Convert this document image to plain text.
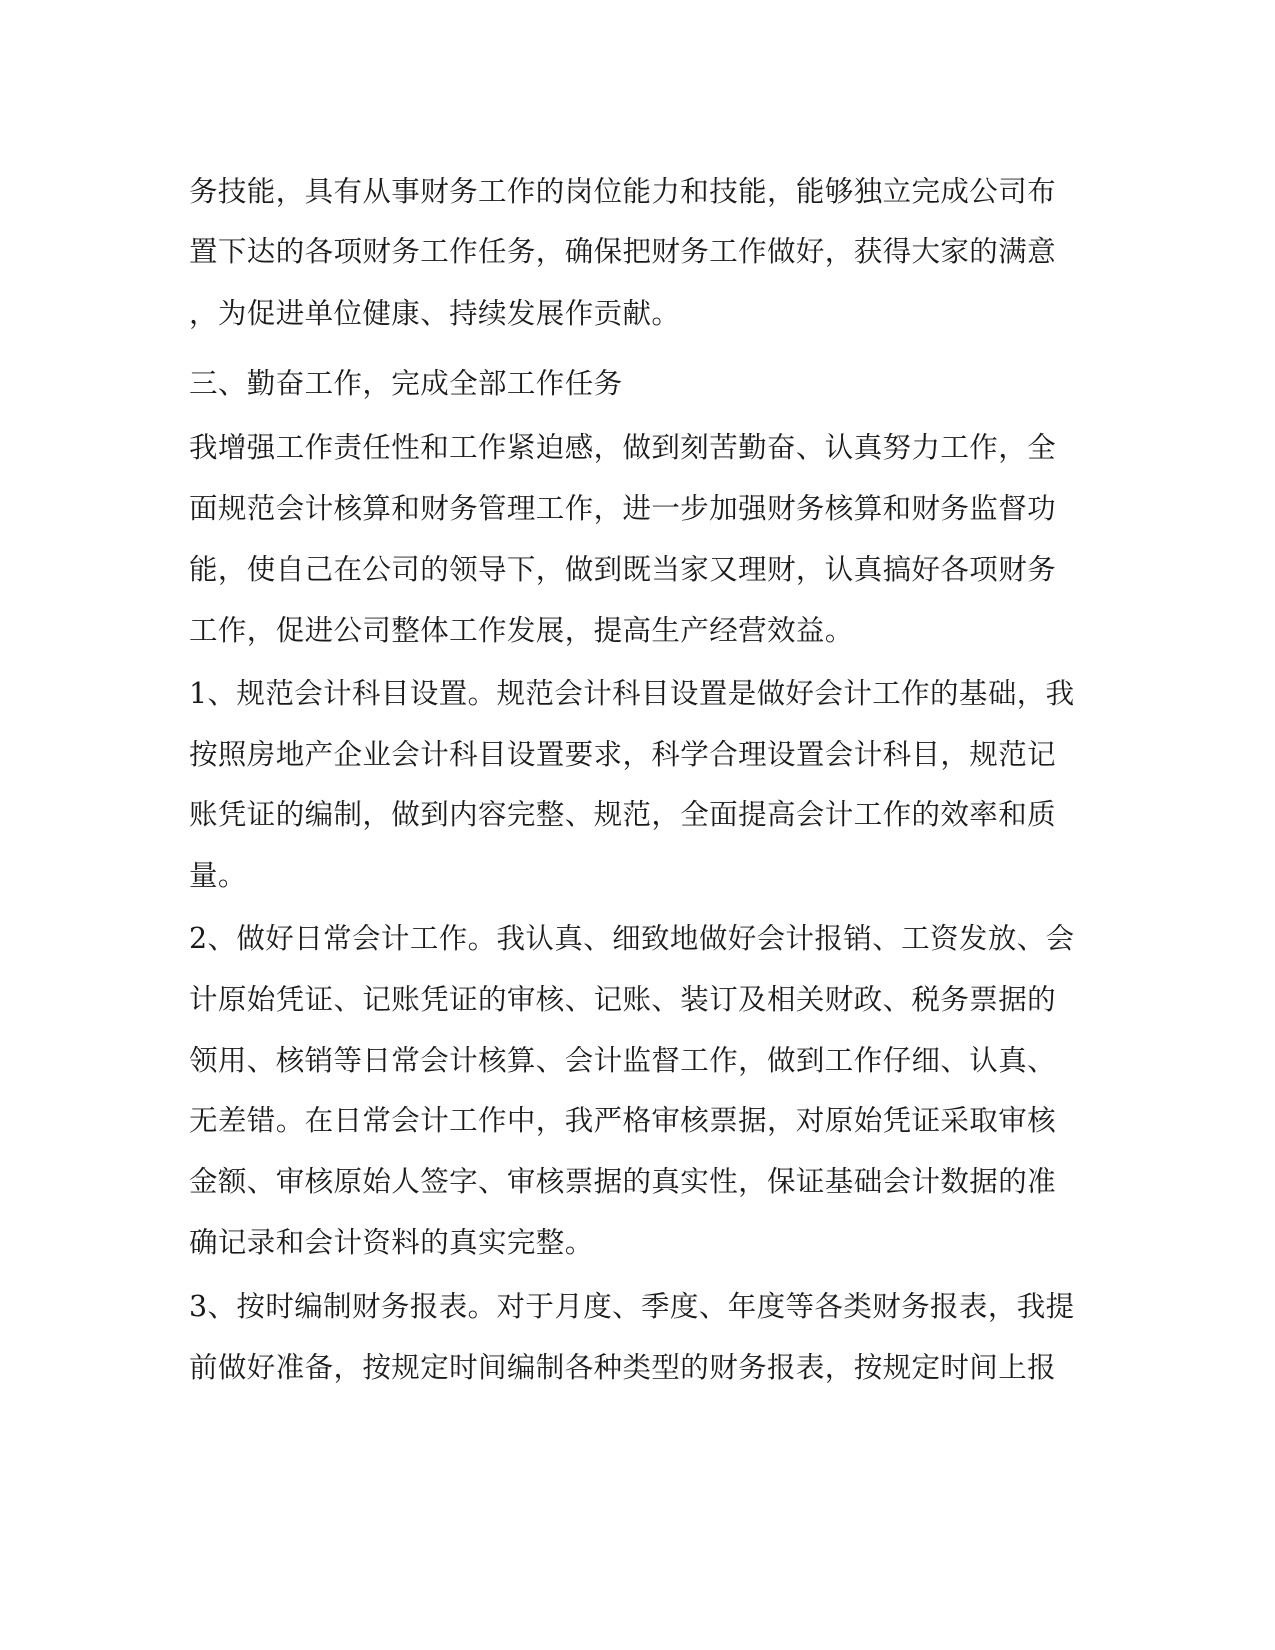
务技能，具有从事财务工作的岗位能力和技能，能够独立完成公司布
置下达的各项财务工作任务，确保把财务工作做好，获得大家的满意
，为促进单位健康、持续发展作贡献。
三、勤奋工作，完成全部工作任务
我增强工作责任性和工作紧迫感，做到刻苦勤奋、认真努力工作，全
面规范会计核算和财务管理工作，进一步加强财务核算和财务监督功
能，使自己在公司的领导下，做到既当家又理财，认真搞好各项财务
工作，促进公司整体工作发展，提高生产经营效益。
1、规范会计科目设置。规范会计科目设置是做好会计工作的基础，我
按照房地产企业会计科目设置要求，科学合理设置会计科目，规范记
账凭证的编制，做到内容完整、规范，全面提高会计工作的效率和质
量。
2、做好日常会计工作。我认真、细致地做好会计报销、工资发放、会
计原始凭证、记账凭证的审核、记账、装订及相关财政、税务票据的
领用、核销等日常会计核算、会计监督工作，做到工作仔细、认真、
无差错。在日常会计工作中，我严格审核票据，对原始凭证采取审核
金额、审核原始人签字、审核票据的真实性，保证基础会计数据的准
确记录和会计资料的真实完整。
3、按时编制财务报表。对于月度、季度、年度等各类财务报表，我提
前做好准备，按规定时间编制各种类型的财务报表，按规定时间上报
